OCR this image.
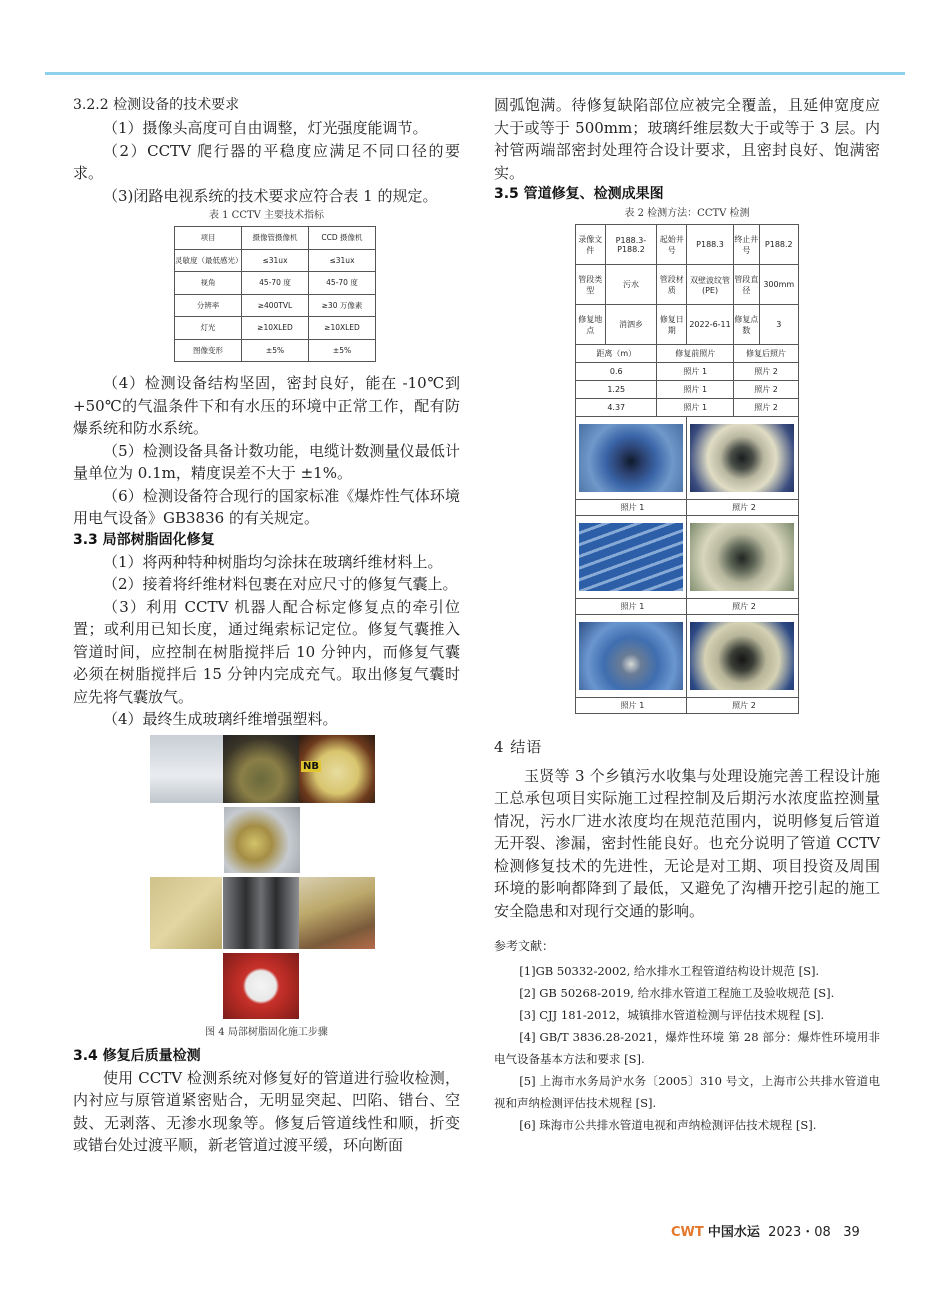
3.2.2 检测设备的技术要求

（1）摄像头高度可自由调整，灯光强度能调节。

（2）CCTV 爬行器的平稳度应满足不同口径的要求。

（3)闭路电视系统的技术要求应符合表 1 的规定。

表 1 CCTV 主要技术指标
项目	摄像管摄像机	CCD 摄像机
灵敏度（最低感光）	≤31ux	≤31ux
视角	45-70 度	45-70 度
分辨率	≥400TVL	≥30 万像素
灯光	≥10XLED	≥10XLED
图像变形	±5%	±5%

（4）检测设备结构坚固，密封良好，能在 -10℃到 +50℃的气温条件下和有水压的环境中正常工作，配有防爆系统和防水系统。

（5）检测设备具备计数功能，电缆计数测量仪最低计量单位为 0.1m，精度误差不大于 ±1%。

（6）检测设备符合现行的国家标准《爆炸性气体环境用电气设备》GB3836 的有关规定。

3.3 局部树脂固化修复

（1）将两种特种树脂均匀涂抹在玻璃纤维材料上。

（2）接着将纤维材料包裹在对应尺寸的修复气囊上。

（3）利用 CCTV 机器人配合标定修复点的牵引位置；或利用已知长度，通过绳索标记定位。修复气囊推入管道时间，应控制在树脂搅拌后 10 分钟内，而修复气囊必须在树脂搅拌后 15 分钟内完成充气。取出修复气囊时应先将气囊放气。

（4）最终生成玻璃纤维增强塑料。

NB
图 4 局部树脂固化施工步骤
3.4 修复后质量检测

使用 CCTV 检测系统对修复好的管道进行验收检测，内衬应与原管道紧密贴合，无明显突起、凹陷、错台、空鼓、无剥落、无渗水现象等。修复后管道线性和顺，折变或错台处过渡平顺，新老管道过渡平缓，环向断面

圆弧饱满。待修复缺陷部位应被完全覆盖，且延伸宽度应大于或等于 500mm；玻璃纤维层数大于或等于 3 层。内衬管两端部密封处理符合设计要求，且密封良好、饱满密实。

3.5 管道修复、检测成果图
表 2 检测方法：CCTV 检测
录像文件	P188.3-P188.2	起始井号	P188.3	终止井号	P188.2
管段类型	污水	管段材质	双壁波纹管(PE)	管段直径	300mm
修复地点	消泗乡	修复日期	2022-6-11	修复点数	3
距离（m）		修复前照片		修复后照片	
0.6		照片 1		照片 2	
1.25		照片 1		照片 2	
4.37		照片 1		照片 2	

照片 1			照片 2		

照片 1			照片 2		

照片 1			照片 2		

4 结语

玉贤等 3 个乡镇污水收集与处理设施完善工程设计施工总承包项目实际施工过程控制及后期污水浓度监控测量情况，污水厂进水浓度均在规范范围内，说明修复后管道无开裂、渗漏，密封性能良好。也充分说明了管道 CCTV 检测修复技术的先进性，无论是对工期、项目投资及周围环境的影响都降到了最低，又避免了沟槽开挖引起的施工安全隐患和对现行交通的影响。

参考文献：

[1]GB 50332-2002, 给水排水工程管道结构设计规范 [S].

[2] GB 50268-2019, 给水排水管道工程施工及验收规范 [S].

[3] CJJ 181-2012，城镇排水管道检测与评估技术规程 [S].

[4] GB/T 3836.28-2021，爆炸性环境 第 28 部分：爆炸性环境用非电气设备基本方法和要求 [S].

[5] 上海市水务局沪水务〔2005〕310 号文，上海市公共排水管道电视和声纳检测评估技术规程 [S].

[6] 珠海市公共排水管道电视和声纳检测评估技术规程 [S].

CWT 中国水运 2023・08 39
